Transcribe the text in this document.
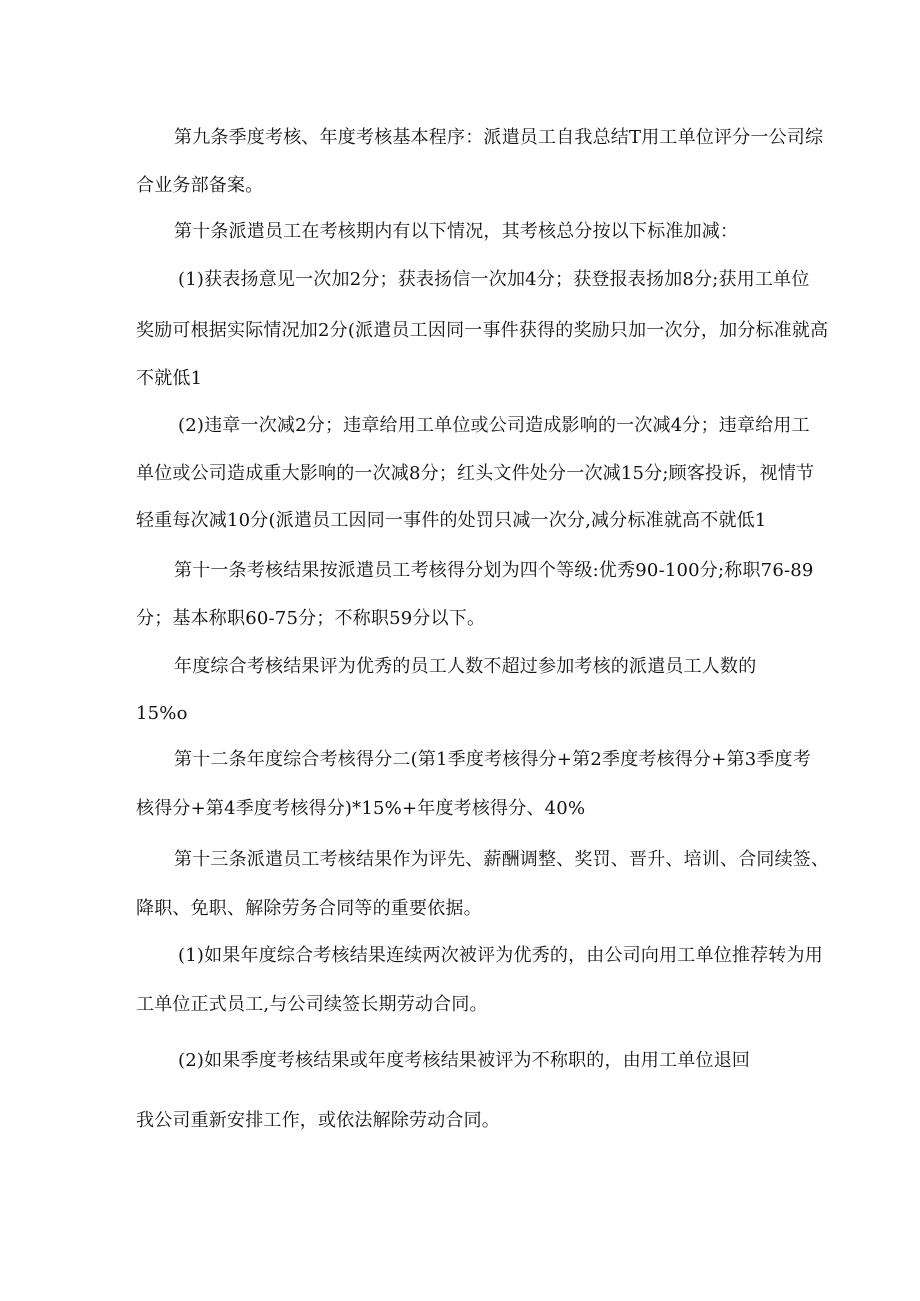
第九条季度考核、年度考核基本程序：派遣员工自我总结T用工单位评分一公司综
合业务部备案。
第十条派遣员工在考核期内有以下情况，其考核总分按以下标准加减：
(1)获表扬意见一次加2分；获表扬信一次加4分；获登报表扬加8分;获用工单位
奖励可根据实际情况加2分(派遣员工因同一事件获得的奖励只加一次分，加分标准就高
不就低1
(2)违章一次减2分；违章给用工单位或公司造成影响的一次减4分；违章给用工
单位或公司造成重大影响的一次减8分；红头文件处分一次减15分;顾客投诉，视情节
轻重每次减10分(派遣员工因同一事件的处罚只减一次分,减分标准就高不就低1
第十一条考核结果按派遣员工考核得分划为四个等级:优秀90-100分;称职76-89
分；基本称职60-75分；不称职59分以下。
年度综合考核结果评为优秀的员工人数不超过参加考核的派遣员工人数的
15%o
第十二条年度综合考核得分二(第1季度考核得分+第2季度考核得分+第3季度考
核得分+第4季度考核得分)*15%+年度考核得分、40%
第十三条派遣员工考核结果作为评先、薪酬调整、奖罚、晋升、培训、合同续签、
降职、免职、解除劳务合同等的重要依据。
(1)如果年度综合考核结果连续两次被评为优秀的，由公司向用工单位推荐转为用
工单位正式员工,与公司续签长期劳动合同。
(2)如果季度考核结果或年度考核结果被评为不称职的，由用工单位退回
我公司重新安排工作，或依法解除劳动合同。
